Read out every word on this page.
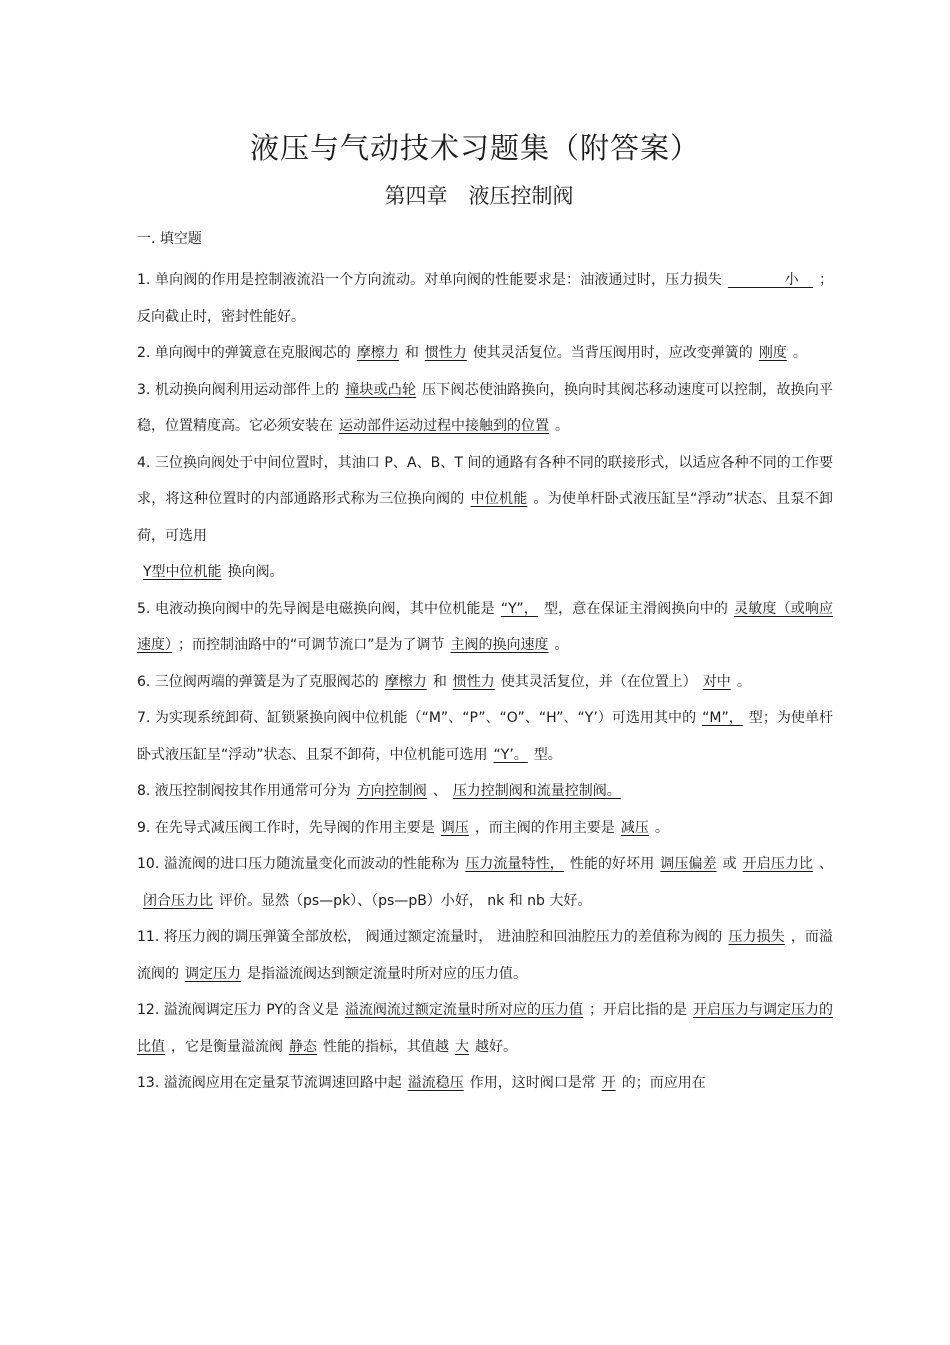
液压与气动技术习题集（附答案）
第四章　液压控制阀

一. 填空题

1. 单向阀的作用是控制液流沿一个方向流动。对单向阀的性能要求是：油液通过时，压力损失　　　　	小　 ；反向截止时，密封性能好。

2. 单向阀中的弹簧意在克服阀芯的 摩檫力 和 惯性力 使其灵活复位。当背压阀用时，应改变弹簧的 刚度 。

3. 机动换向阀利用运动部件上的 撞块或凸轮 压下阀芯使油路换向，换向时其阀芯移动速度可以控制，故换向平稳，位置精度高。它必须安装在 运动部件运动过程中接触到的位置 。

4. 三位换向阀处于中间位置时，其油口 P、A、B、T 间的通路有各种不同的联接形式，以适应各种不同的工作要求，将这种位置时的内部通路形式称为三位换向阀的 中位机能 。为使单杆卧式液压缸呈“浮动”状态、且泵不卸荷，可选用
Y型中位机能 换向阀。

5. 电液动换向阀中的先导阀是电磁换向阀，其中位机能是 “Y”， 型，意在保证主滑阀换向中的 灵敏度（或响应速度） ；而控制油路中的“可调节流口”是为了调节 主阀的换向速度 。

6. 三位阀两端的弹簧是为了克服阀芯的 摩檫力 和 惯性力 使其灵活复位，并（在位置上） 对中 。

7. 为实现系统卸荷、缸锁紧换向阀中位机能（“M”、“P”、“O”、“H”、“Y’）可选用其中的 “M”， 型；为使单杆卧式液压缸呈“浮动”状态、且泵不卸荷，中位机能可选用 “Y’。 型。

8. 液压控制阀按其作用通常可分为 方向控制阀 、 压力控制阀和流量控制阀。

9. 在先导式减压阀工作时，先导阀的作用主要是 调压 ，而主阀的作用主要是 减压 。

10. 溢流阀的进口压力随流量变化而波动的性能称为 压力流量特性， 性能的好坏用 调压偏差 或 开启压力比 、闭合压力比 评价。显然（ps—pk）、（ps—pB）小好， nk 和 nb 大好。

11. 将压力阀的调压弹簧全部放松， 阀通过额定流量时， 进油腔和回油腔压力的差值称为阀的 压力损失 ，而溢流阀的 调定压力 是指溢流阀达到额定流量时所对应的压力值。

12. 溢流阀调定压力 PY的含义是 溢流阀流过额定流量时所对应的压力值 ；开启比指的是 开启压力与调定压力的比值 ，它是衡量溢流阀 静态 性能的指标，其值越 大 越好。

13. 溢流阀应用在定量泵节流调速回路中起 溢流稳压 作用，这时阀口是常 开 的；而应用在
